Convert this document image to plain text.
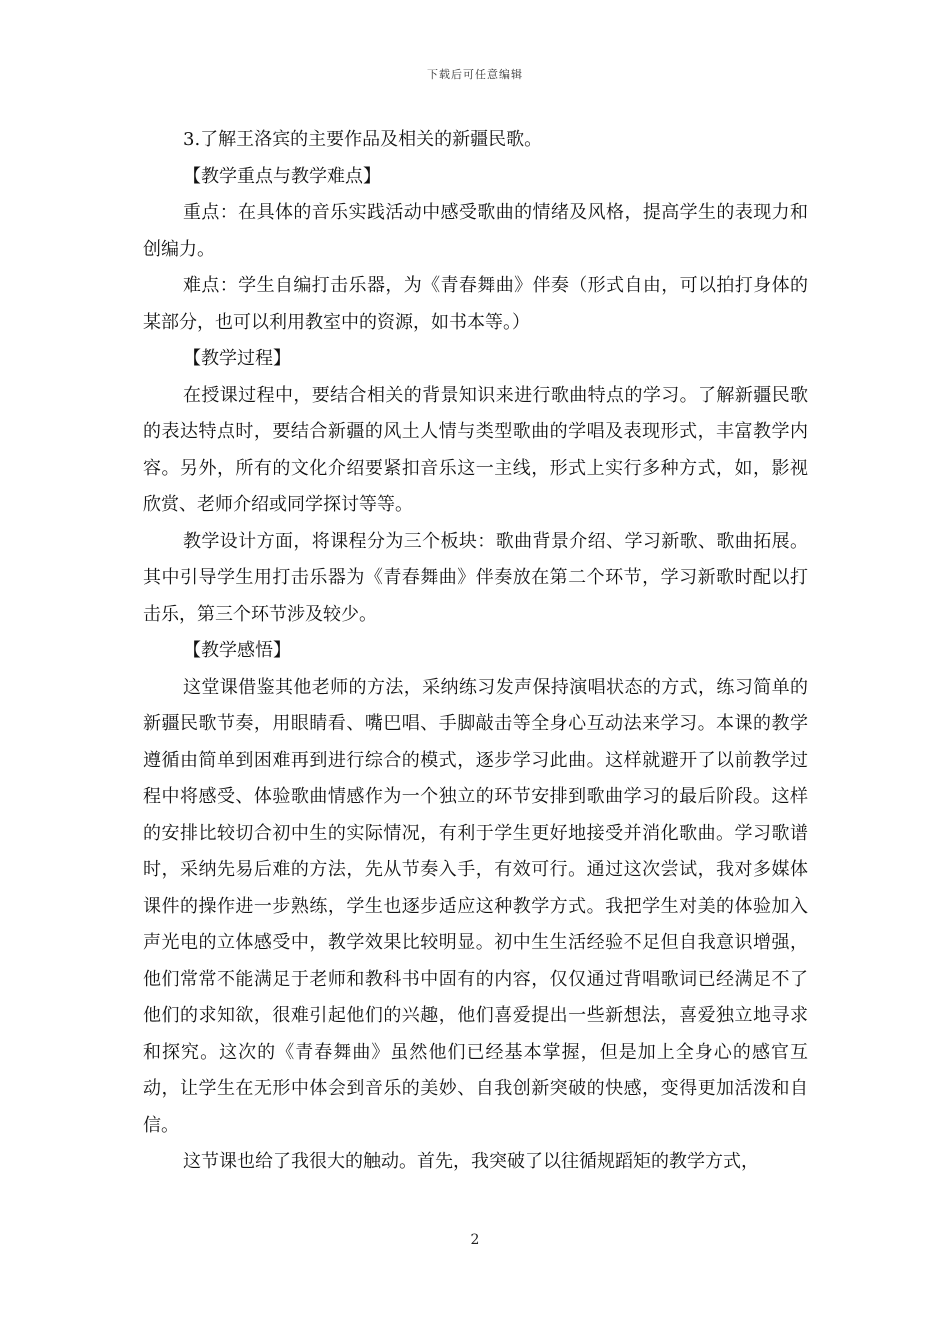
下载后可任意编辑

3.了解王洛宾的主要作品及相关的新疆民歌。

【教学重点与教学难点】

重点：在具体的音乐实践活动中感受歌曲的情绪及风格，提高学生的表现力和创编力。

难点：学生自编打击乐器，为《青春舞曲》伴奏（形式自由，可以拍打身体的某部分，也可以利用教室中的资源，如书本等。）

【教学过程】

在授课过程中，要结合相关的背景知识来进行歌曲特点的学习。了解新疆民歌的表达特点时，要结合新疆的风土人情与类型歌曲的学唱及表现形式，丰富教学内容。另外，所有的文化介绍要紧扣音乐这一主线，形式上实行多种方式，如，影视欣赏、老师介绍或同学探讨等等。

教学设计方面，将课程分为三个板块：歌曲背景介绍、学习新歌、歌曲拓展。其中引导学生用打击乐器为《青春舞曲》伴奏放在第二个环节，学习新歌时配以打击乐，第三个环节涉及较少。

【教学感悟】

这堂课借鉴其他老师的方法，采纳练习发声保持演唱状态的方式，练习简单的新疆民歌节奏，用眼睛看、嘴巴唱、手脚敲击等全身心互动法来学习。本课的教学遵循由简单到困难再到进行综合的模式，逐步学习此曲。这样就避开了以前教学过程中将感受、体验歌曲情感作为一个独立的环节安排到歌曲学习的最后阶段。这样的安排比较切合初中生的实际情况，有利于学生更好地接受并消化歌曲。学习歌谱时，采纳先易后难的方法，先从节奏入手，有效可行。通过这次尝试，我对多媒体课件的操作进一步熟练，学生也逐步适应这种教学方式。我把学生对美的体验加入声光电的立体感受中，教学效果比较明显。初中生生活经验不足但自我意识增强，他们常常不能满足于老师和教科书中固有的内容，仅仅通过背唱歌词已经满足不了他们的求知欲，很难引起他们的兴趣，他们喜爱提出一些新想法，喜爱独立地寻求和探究。这次的《青春舞曲》虽然他们已经基本掌握，但是加上全身心的感官互动，让学生在无形中体会到音乐的美妙、自我创新突破的快感，变得更加活泼和自信。

这节课也给了我很大的触动。首先，我突破了以往循规蹈矩的教学方式，

2
